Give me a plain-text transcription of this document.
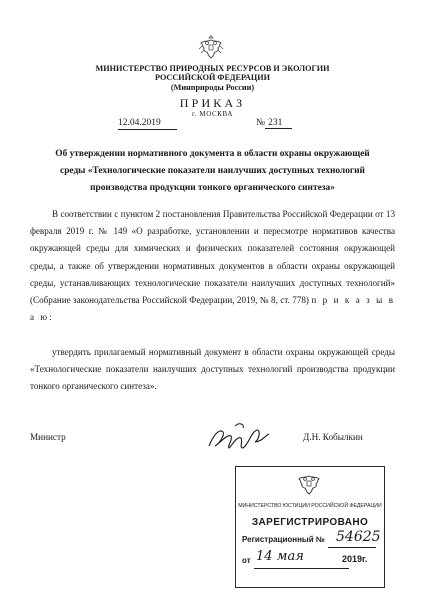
МИНИСТЕРСТВО ПРИРОДНЫХ РЕСУРСОВ И ЭКОЛОГИИ
РОССИЙСКОЙ ФЕДЕРАЦИИ
(Минприроды России)
ПРИКАЗ
г. МОСКВА
12.04.2019	№ 231
Об утверждении нормативного документа в области охраны окружающей
среды «Технологические показатели наилучших доступных технологий
производства продукции тонкого органического синтеза»
В соответствии с пунктом 2 постановления Правительства Российской Федерации от 13 февраля 2019 г. № 149 «О разработке, установлении и пересмотре нормативов качества окружающей среды для химических и физических показателей состояния окружающей среды, а также об утверждении нормативных документов в области охраны окружающей среды, устанавливающих технологические показатели наилучших доступных технологий» (Собрание законодательства Российской Федерации, 2019, № 8, ст. 778) п р и к а з ы в а ю:
утвердить прилагаемый нормативный документ в области охраны окружающей среды «Технологические показатели наилучших доступных технологий производства продукции тонкого органического синтеза».
Министр	Д.Н. Кобылкин
МИНИСТЕРСТВО ЮСТИЦИИ РОССИЙСКОЙ ФЕДЕРАЦИИ
ЗАРЕГИСТРИРОВАНО
Регистрационный № 54625
от 14 мая	2019г.
